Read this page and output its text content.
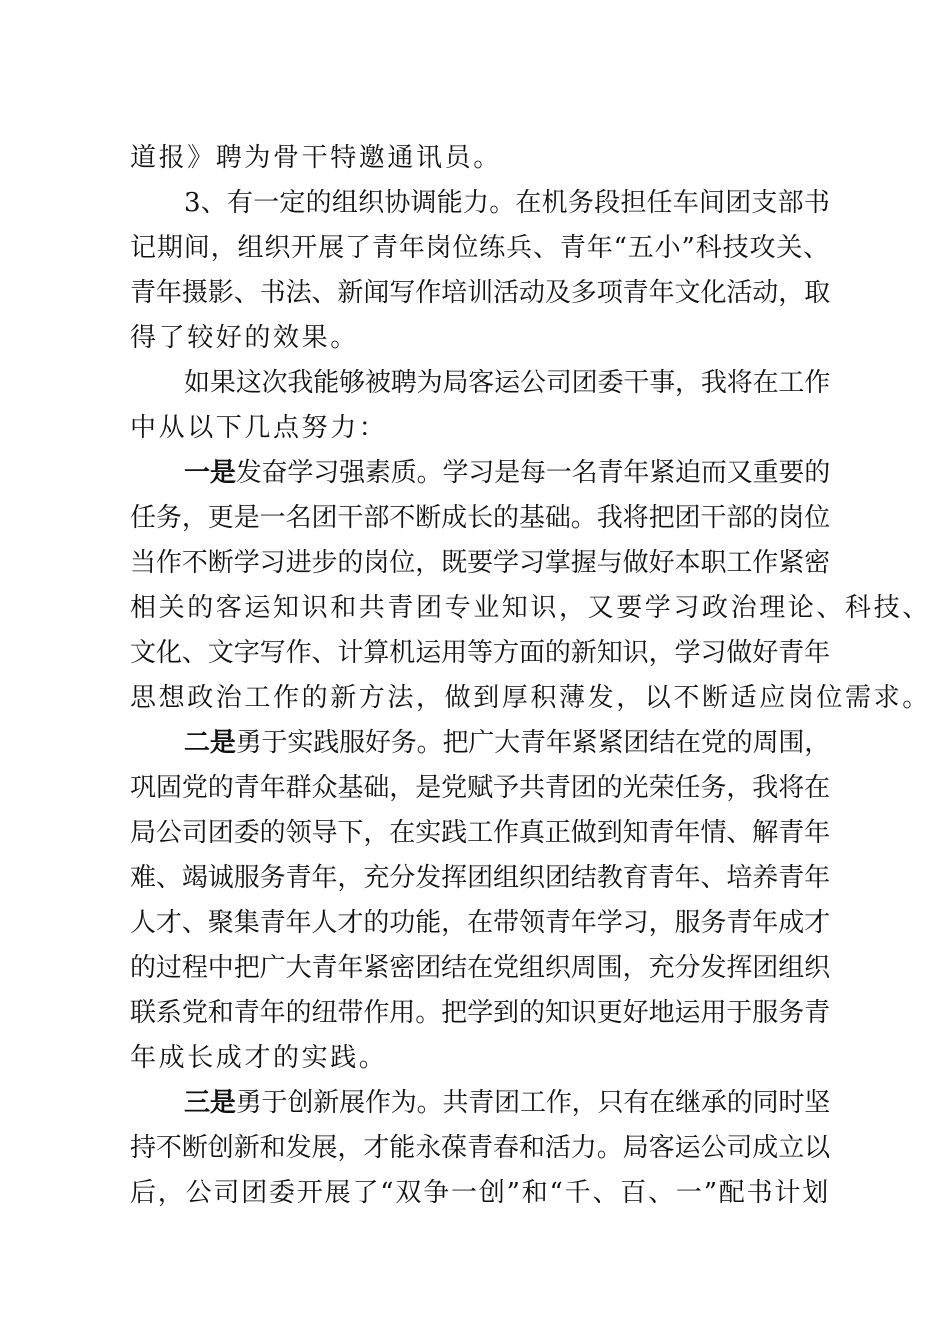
道报》聘为骨干特邀通讯员。
3、有一定的组织协调能力。在机务段担任车间团支部书
记期间，组织开展了青年岗位练兵、青年“五小”科技攻关、
青年摄影、书法、新闻写作培训活动及多项青年文化活动，取
得了较好的效果。
如果这次我能够被聘为局客运公司团委干事，我将在工作
中从以下几点努力：
一是发奋学习强素质。学习是每一名青年紧迫而又重要的
任务，更是一名团干部不断成长的基础。我将把团干部的岗位
当作不断学习进步的岗位，既要学习掌握与做好本职工作紧密
相关的客运知识和共青团专业知识，又要学习政治理论、科技、
文化、文字写作、计算机运用等方面的新知识，学习做好青年
思想政治工作的新方法，做到厚积薄发，以不断适应岗位需求。
二是勇于实践服好务。把广大青年紧紧团结在党的周围，
巩固党的青年群众基础，是党赋予共青团的光荣任务，我将在
局公司团委的领导下，在实践工作真正做到知青年情、解青年
难、竭诚服务青年，充分发挥团组织团结教育青年、培养青年
人才、聚集青年人才的功能，在带领青年学习，服务青年成才
的过程中把广大青年紧密团结在党组织周围，充分发挥团组织
联系党和青年的纽带作用。把学到的知识更好地运用于服务青
年成长成才的实践。
三是勇于创新展作为。共青团工作，只有在继承的同时坚
持不断创新和发展，才能永葆青春和活力。局客运公司成立以
后，公司团委开展了“双争一创”和“千、百、一”配书计划
